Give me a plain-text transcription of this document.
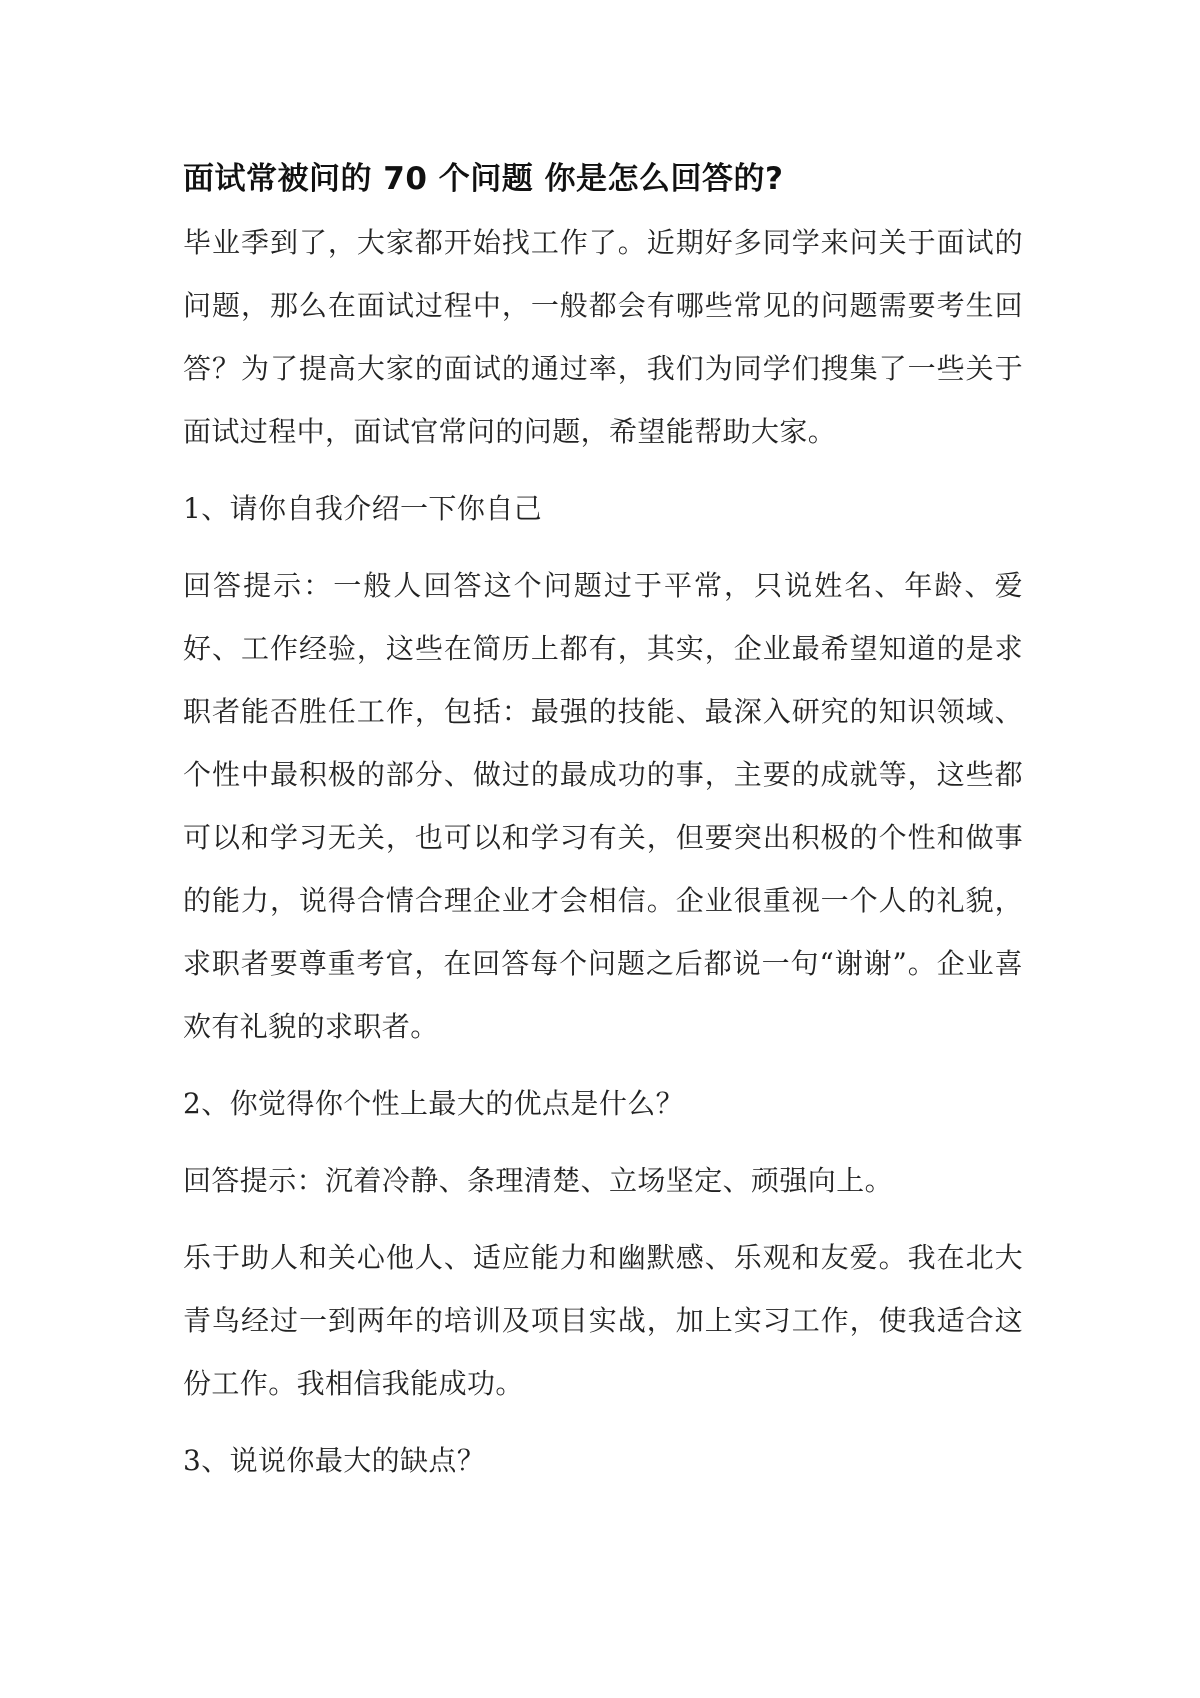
面试常被问的 70 个问题 你是怎么回答的?

毕业季到了，大家都开始找工作了。近期好多同学来问关于面试的问题，那么在面试过程中，一般都会有哪些常见的问题需要考生回答？为了提高大家的面试的通过率，我们为同学们搜集了一些关于面试过程中，面试官常问的问题，希望能帮助大家。

1、请你自我介绍一下你自己

回答提示：一般人回答这个问题过于平常，只说姓名、年龄、爱好、工作经验，这些在简历上都有，其实，企业最希望知道的是求职者能否胜任工作，包括：最强的技能、最深入研究的知识领域、个性中最积极的部分、做过的最成功的事，主要的成就等，这些都可以和学习无关，也可以和学习有关，但要突出积极的个性和做事的能力，说得合情合理企业才会相信。企业很重视一个人的礼貌，求职者要尊重考官，在回答每个问题之后都说一句“谢谢”。企业喜欢有礼貌的求职者。

2、你觉得你个性上最大的优点是什么？

回答提示：沉着冷静、条理清楚、立场坚定、顽强向上。

乐于助人和关心他人、适应能力和幽默感、乐观和友爱。我在北大青鸟经过一到两年的培训及项目实战，加上实习工作，使我适合这份工作。我相信我能成功。

3、说说你最大的缺点？
